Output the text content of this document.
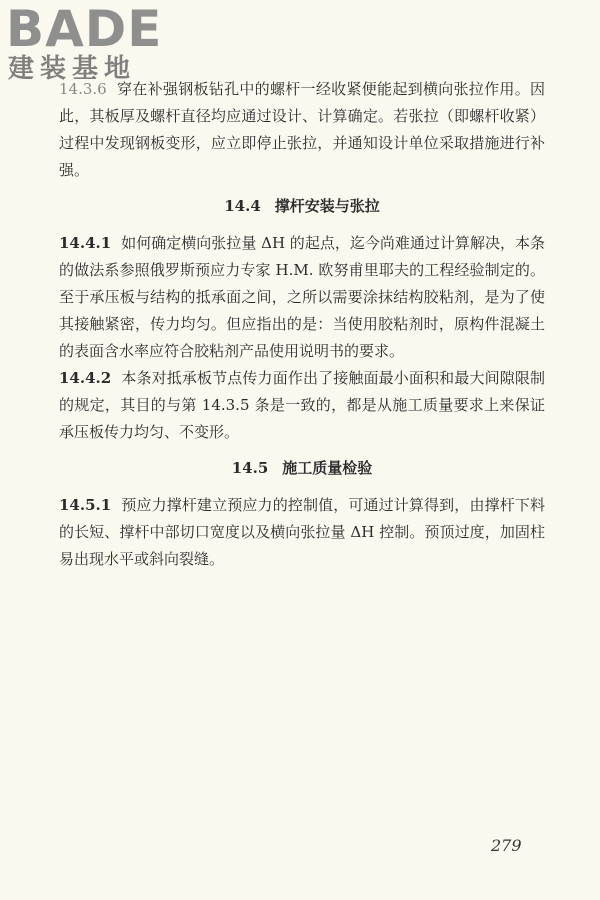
BADE
建装基地

14.3.6 穿在补强钢板钻孔中的螺杆一经收紧便能起到横向张拉作用。因此，其板厚及螺杆直径均应通过设计、计算确定。若张拉（即螺杆收紧）过程中发现钢板变形，应立即停止张拉，并通知设计单位采取措施进行补强。

14.4 撑杆安装与张拉

14.4.1 如何确定横向张拉量 ΔH 的起点，迄今尚难通过计算解决，本条的做法系参照俄罗斯预应力专家 H.M. 欧努甫里耶夫的工程经验制定的。至于承压板与结构的抵承面之间，之所以需要涂抹结构胶粘剂，是为了使其接触紧密，传力均匀。但应指出的是：当使用胶粘剂时，原构件混凝土的表面含水率应符合胶粘剂产品使用说明书的要求。

14.4.2 本条对抵承板节点传力面作出了接触面最小面积和最大间隙限制的规定，其目的与第 14.3.5 条是一致的，都是从施工质量要求上来保证承压板传力均匀、不变形。

14.5 施工质量检验

14.5.1 预应力撑杆建立预应力的控制值，可通过计算得到，由撑杆下料的长短、撑杆中部切口宽度以及横向张拉量 ΔH 控制。预顶过度，加固柱易出现水平或斜向裂缝。

279
